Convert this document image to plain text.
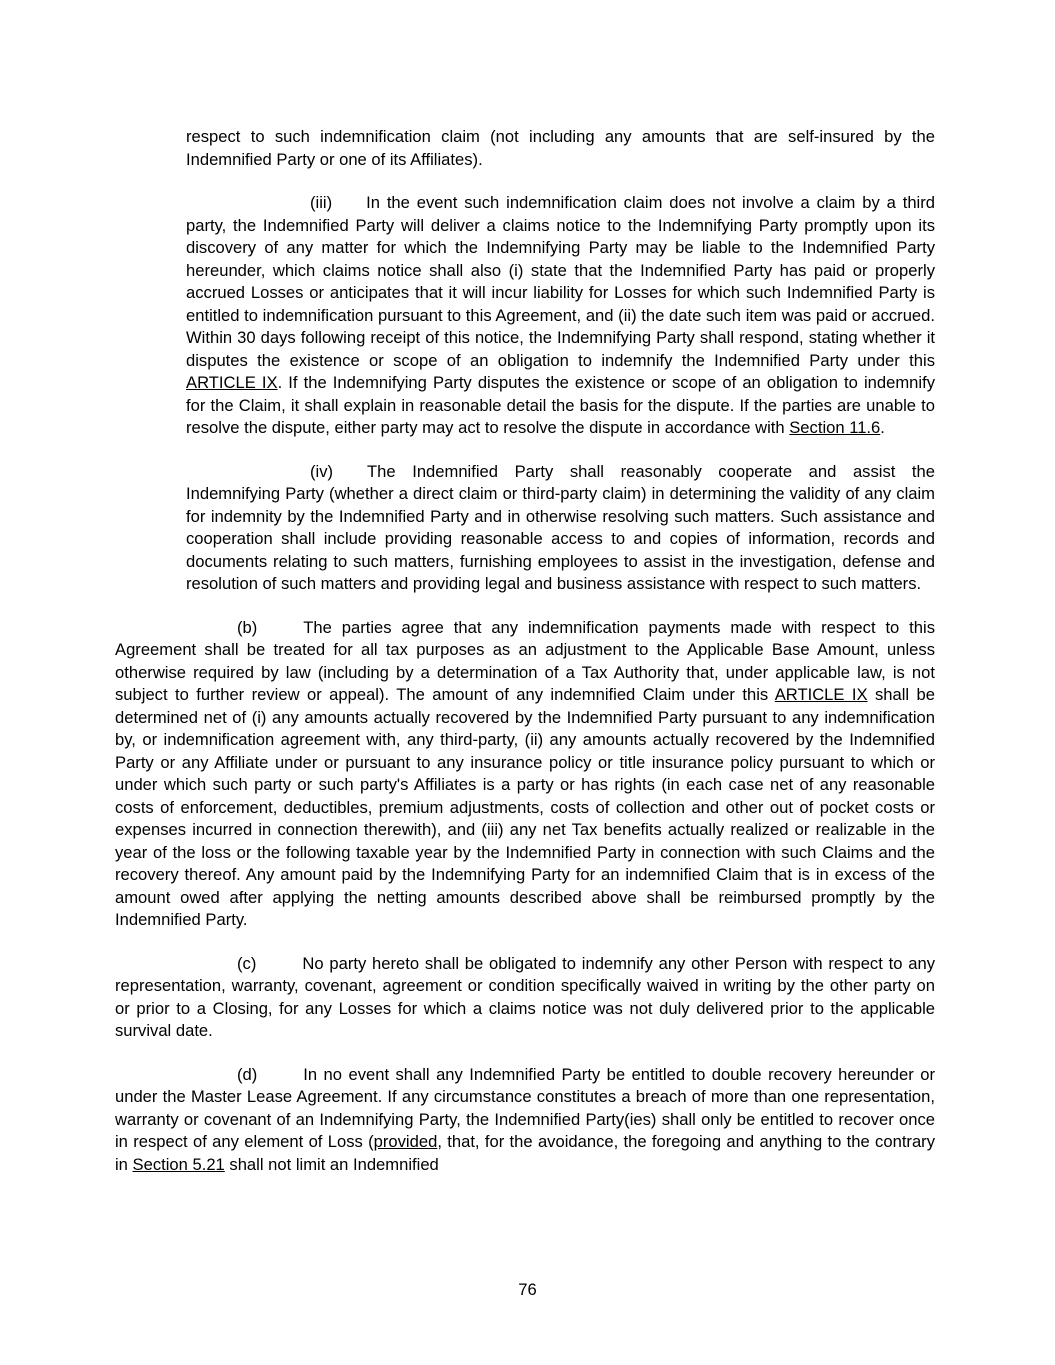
respect to such indemnification claim (not including any amounts that are self-insured by the Indemnified Party or one of its Affiliates).

(iii) In the event such indemnification claim does not involve a claim by a third party, the Indemnified Party will deliver a claims notice to the Indemnifying Party promptly upon its discovery of any matter for which the Indemnifying Party may be liable to the Indemnified Party hereunder, which claims notice shall also (i) state that the Indemnified Party has paid or properly accrued Losses or anticipates that it will incur liability for Losses for which such Indemnified Party is entitled to indemnification pursuant to this Agreement, and (ii) the date such item was paid or accrued. Within 30 days following receipt of this notice, the Indemnifying Party shall respond, stating whether it disputes the existence or scope of an obligation to indemnify the Indemnified Party under this ARTICLE IX. If the Indemnifying Party disputes the existence or scope of an obligation to indemnify for the Claim, it shall explain in reasonable detail the basis for the dispute. If the parties are unable to resolve the dispute, either party may act to resolve the dispute in accordance with Section 11.6.

(iv) The Indemnified Party shall reasonably cooperate and assist the Indemnifying Party (whether a direct claim or third-party claim) in determining the validity of any claim for indemnity by the Indemnified Party and in otherwise resolving such matters. Such assistance and cooperation shall include providing reasonable access to and copies of information, records and documents relating to such matters, furnishing employees to assist in the investigation, defense and resolution of such matters and providing legal and business assistance with respect to such matters.

(b)	The parties agree that any indemnification payments made with respect to this Agreement shall be treated for all tax purposes as an adjustment to the Applicable Base Amount, unless otherwise required by law (including by a determination of a Tax Authority that, under applicable law, is not subject to further review or appeal). The amount of any indemnified Claim under this ARTICLE IX shall be determined net of (i) any amounts actually recovered by the Indemnified Party pursuant to any indemnification by, or indemnification agreement with, any third-party, (ii) any amounts actually recovered by the Indemnified Party or any Affiliate under or pursuant to any insurance policy or title insurance policy pursuant to which or under which such party or such party's Affiliates is a party or has rights (in each case net of any reasonable costs of enforcement, deductibles, premium adjustments, costs of collection and other out of pocket costs or expenses incurred in connection therewith), and (iii) any net Tax benefits actually realized or realizable in the year of the loss or the following taxable year by the Indemnified Party in connection with such Claims and the recovery thereof. Any amount paid by the Indemnifying Party for an indemnified Claim that is in excess of the amount owed after applying the netting amounts described above shall be reimbursed promptly by the Indemnified Party.

(c)	No party hereto shall be obligated to indemnify any other Person with respect to any representation, warranty, covenant, agreement or condition specifically waived in writing by the other party on or prior to a Closing, for any Losses for which a claims notice was not duly delivered prior to the applicable survival date.

(d)	In no event shall any Indemnified Party be entitled to double recovery hereunder or under the Master Lease Agreement. If any circumstance constitutes a breach of more than one representation, warranty or covenant of an Indemnifying Party, the Indemnified Party(ies) shall only be entitled to recover once in respect of any element of Loss (provided, that, for the avoidance, the foregoing and anything to the contrary in Section 5.21 shall not limit an Indemnified

76
